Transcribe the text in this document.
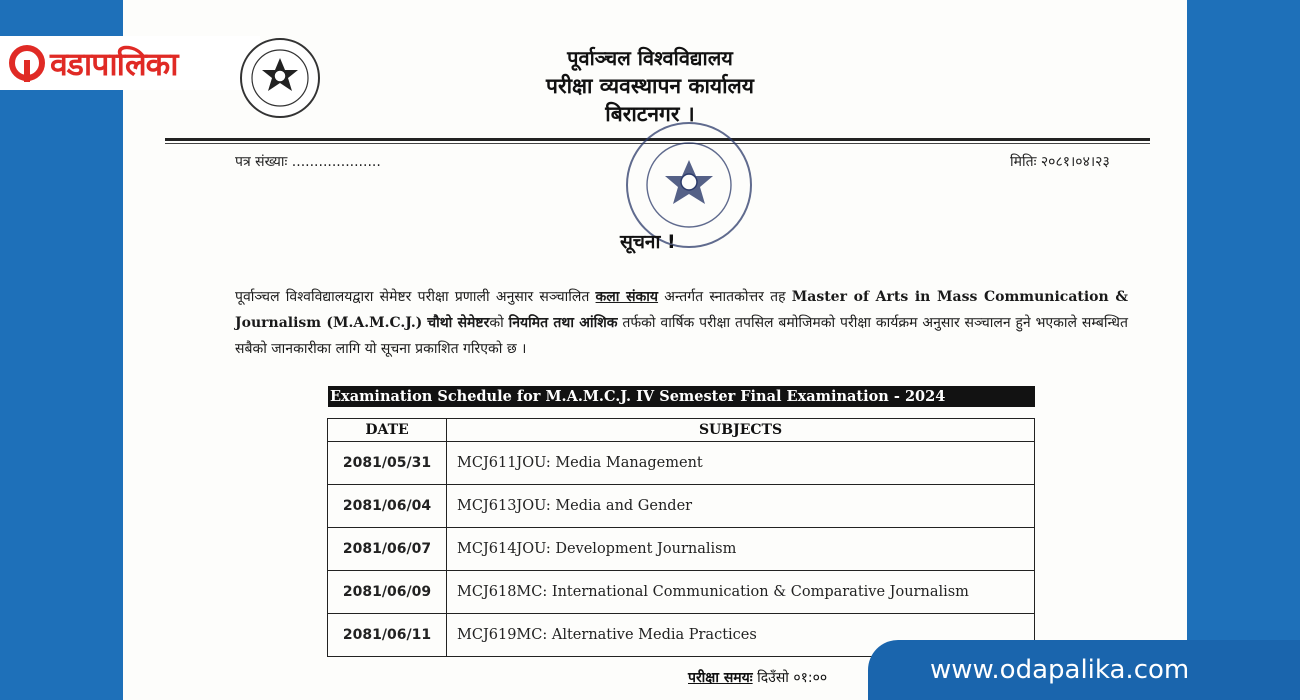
वडापालिका	पूर्वाञ्चल विश्वविद्यालय
परीक्षा व्यवस्थापन कार्यालय
बिराटनगर ।
पत्र संख्याः ....................	मितिः २०८१।०४।२३
सूचना !
पूर्वाञ्चल विश्वविद्यालयद्वारा सेमेष्टर परीक्षा प्रणाली अनुसार सञ्चालित कला संकाय अन्तर्गत स्नातकोत्तर तह Master of Arts in Mass Communication & Journalism (M.A.M.C.J.) चौथो सेमेष्टरको नियमित तथा आंशिक तर्फको वार्षिक परीक्षा तपसिल बमोजिमको परीक्षा कार्यक्रम अनुसार सञ्चालन हुने भएकाले सम्बन्धित सबैको जानकारीका लागि यो सूचना प्रकाशित गरिएको छ ।
Examination Schedule for M.A.M.C.J. IV Semester Final Examination - 2024
DATE	SUBJECTS
2081/05/31	MCJ611JOU: Media Management
2081/06/04	MCJ613JOU: Media and Gender
2081/06/07	MCJ614JOU: Development Journalism
2081/06/09	MCJ618MC: International Communication & Comparative Journalism
2081/06/11	MCJ619MC: Alternative Media Practices
परीक्षा समयः दिउँसो ०१:००	www.odapalika.com
